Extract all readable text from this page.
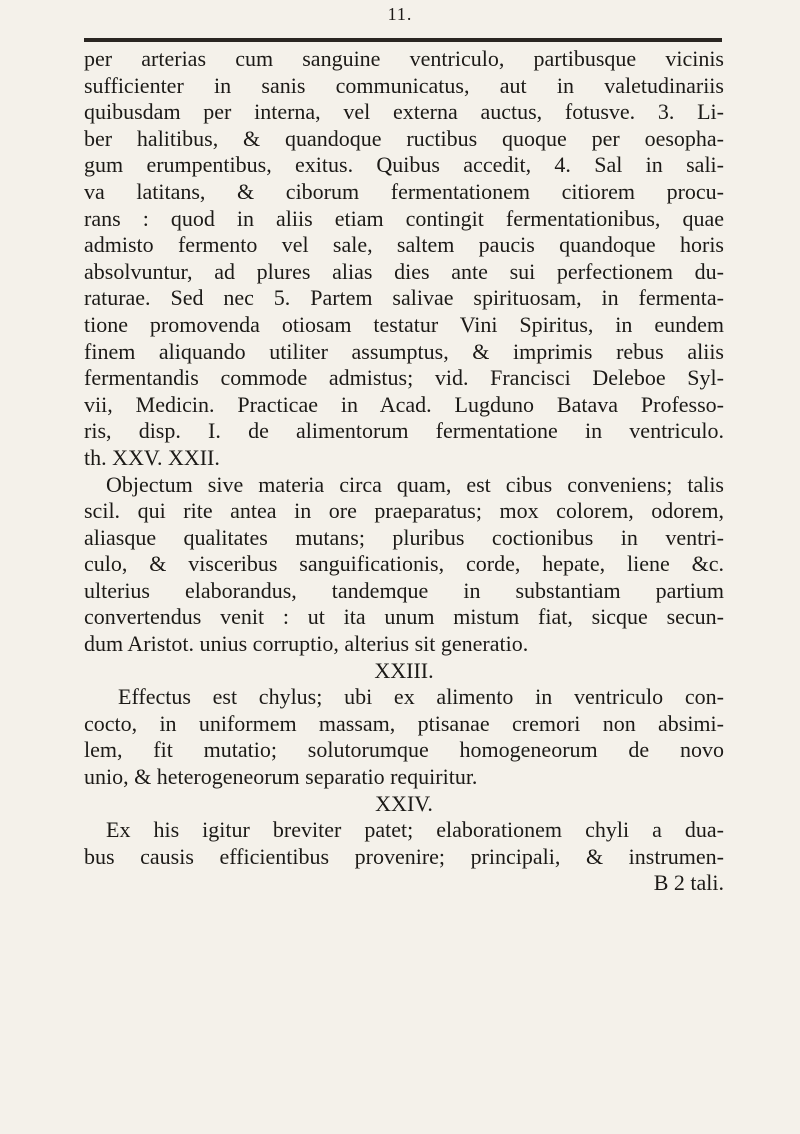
11.
per arterias cum sanguine ventriculo, partibusque vicinis
sufficienter in sanis communicatus, aut in valetudinariis
quibusdam per interna, vel externa auctus, fotusve. 3. Li-
ber halitibus, & quandoque ructibus quoque per oesopha-
gum erumpentibus, exitus. Quibus accedit, 4. Sal in sali-
va latitans, & ciborum fermentationem citiorem procu-
rans : quod in aliis etiam contingit fermentationibus, quae
admisto fermento vel sale, saltem paucis quandoque horis
absolvuntur, ad plures alias dies ante sui perfectionem du-
raturae. Sed nec 5. Partem salivae spirituosam, in fermenta-
tione promovenda otiosam testatur Vini Spiritus, in eundem
finem aliquando utiliter assumptus, & imprimis rebus aliis
fermentandis commode admistus; vid. Francisci Deleboe Syl-
vii, Medicin. Practicae in Acad. Lugduno Batava Professo-
ris, disp. I. de alimentorum fermentatione in ventriculo.
th. XXV. XXII.
Objectum sive materia circa quam, est cibus conveniens; talis
scil. qui rite antea in ore praeparatus; mox colorem, odorem,
aliasque qualitates mutans; pluribus coctionibus in ventri-
culo, & visceribus sanguificationis, corde, hepate, liene &c.
ulterius elaborandus, tandemque in substantiam partium
convertendus venit : ut ita unum mistum fiat, sicque secun-
dum Aristot. unius corruptio, alterius sit generatio.
XXIII.
Effectus est chylus; ubi ex alimento in ventriculo con-
cocto, in uniformem massam, ptisanae cremori non absimi-
lem, fit mutatio; solutorumque homogeneorum de novo
unio, & heterogeneorum separatio requiritur.
XXIV.
Ex his igitur breviter patet; elaborationem chyli a dua-
bus causis efficientibus provenire; principali, & instrumen-
B 2 tali.
